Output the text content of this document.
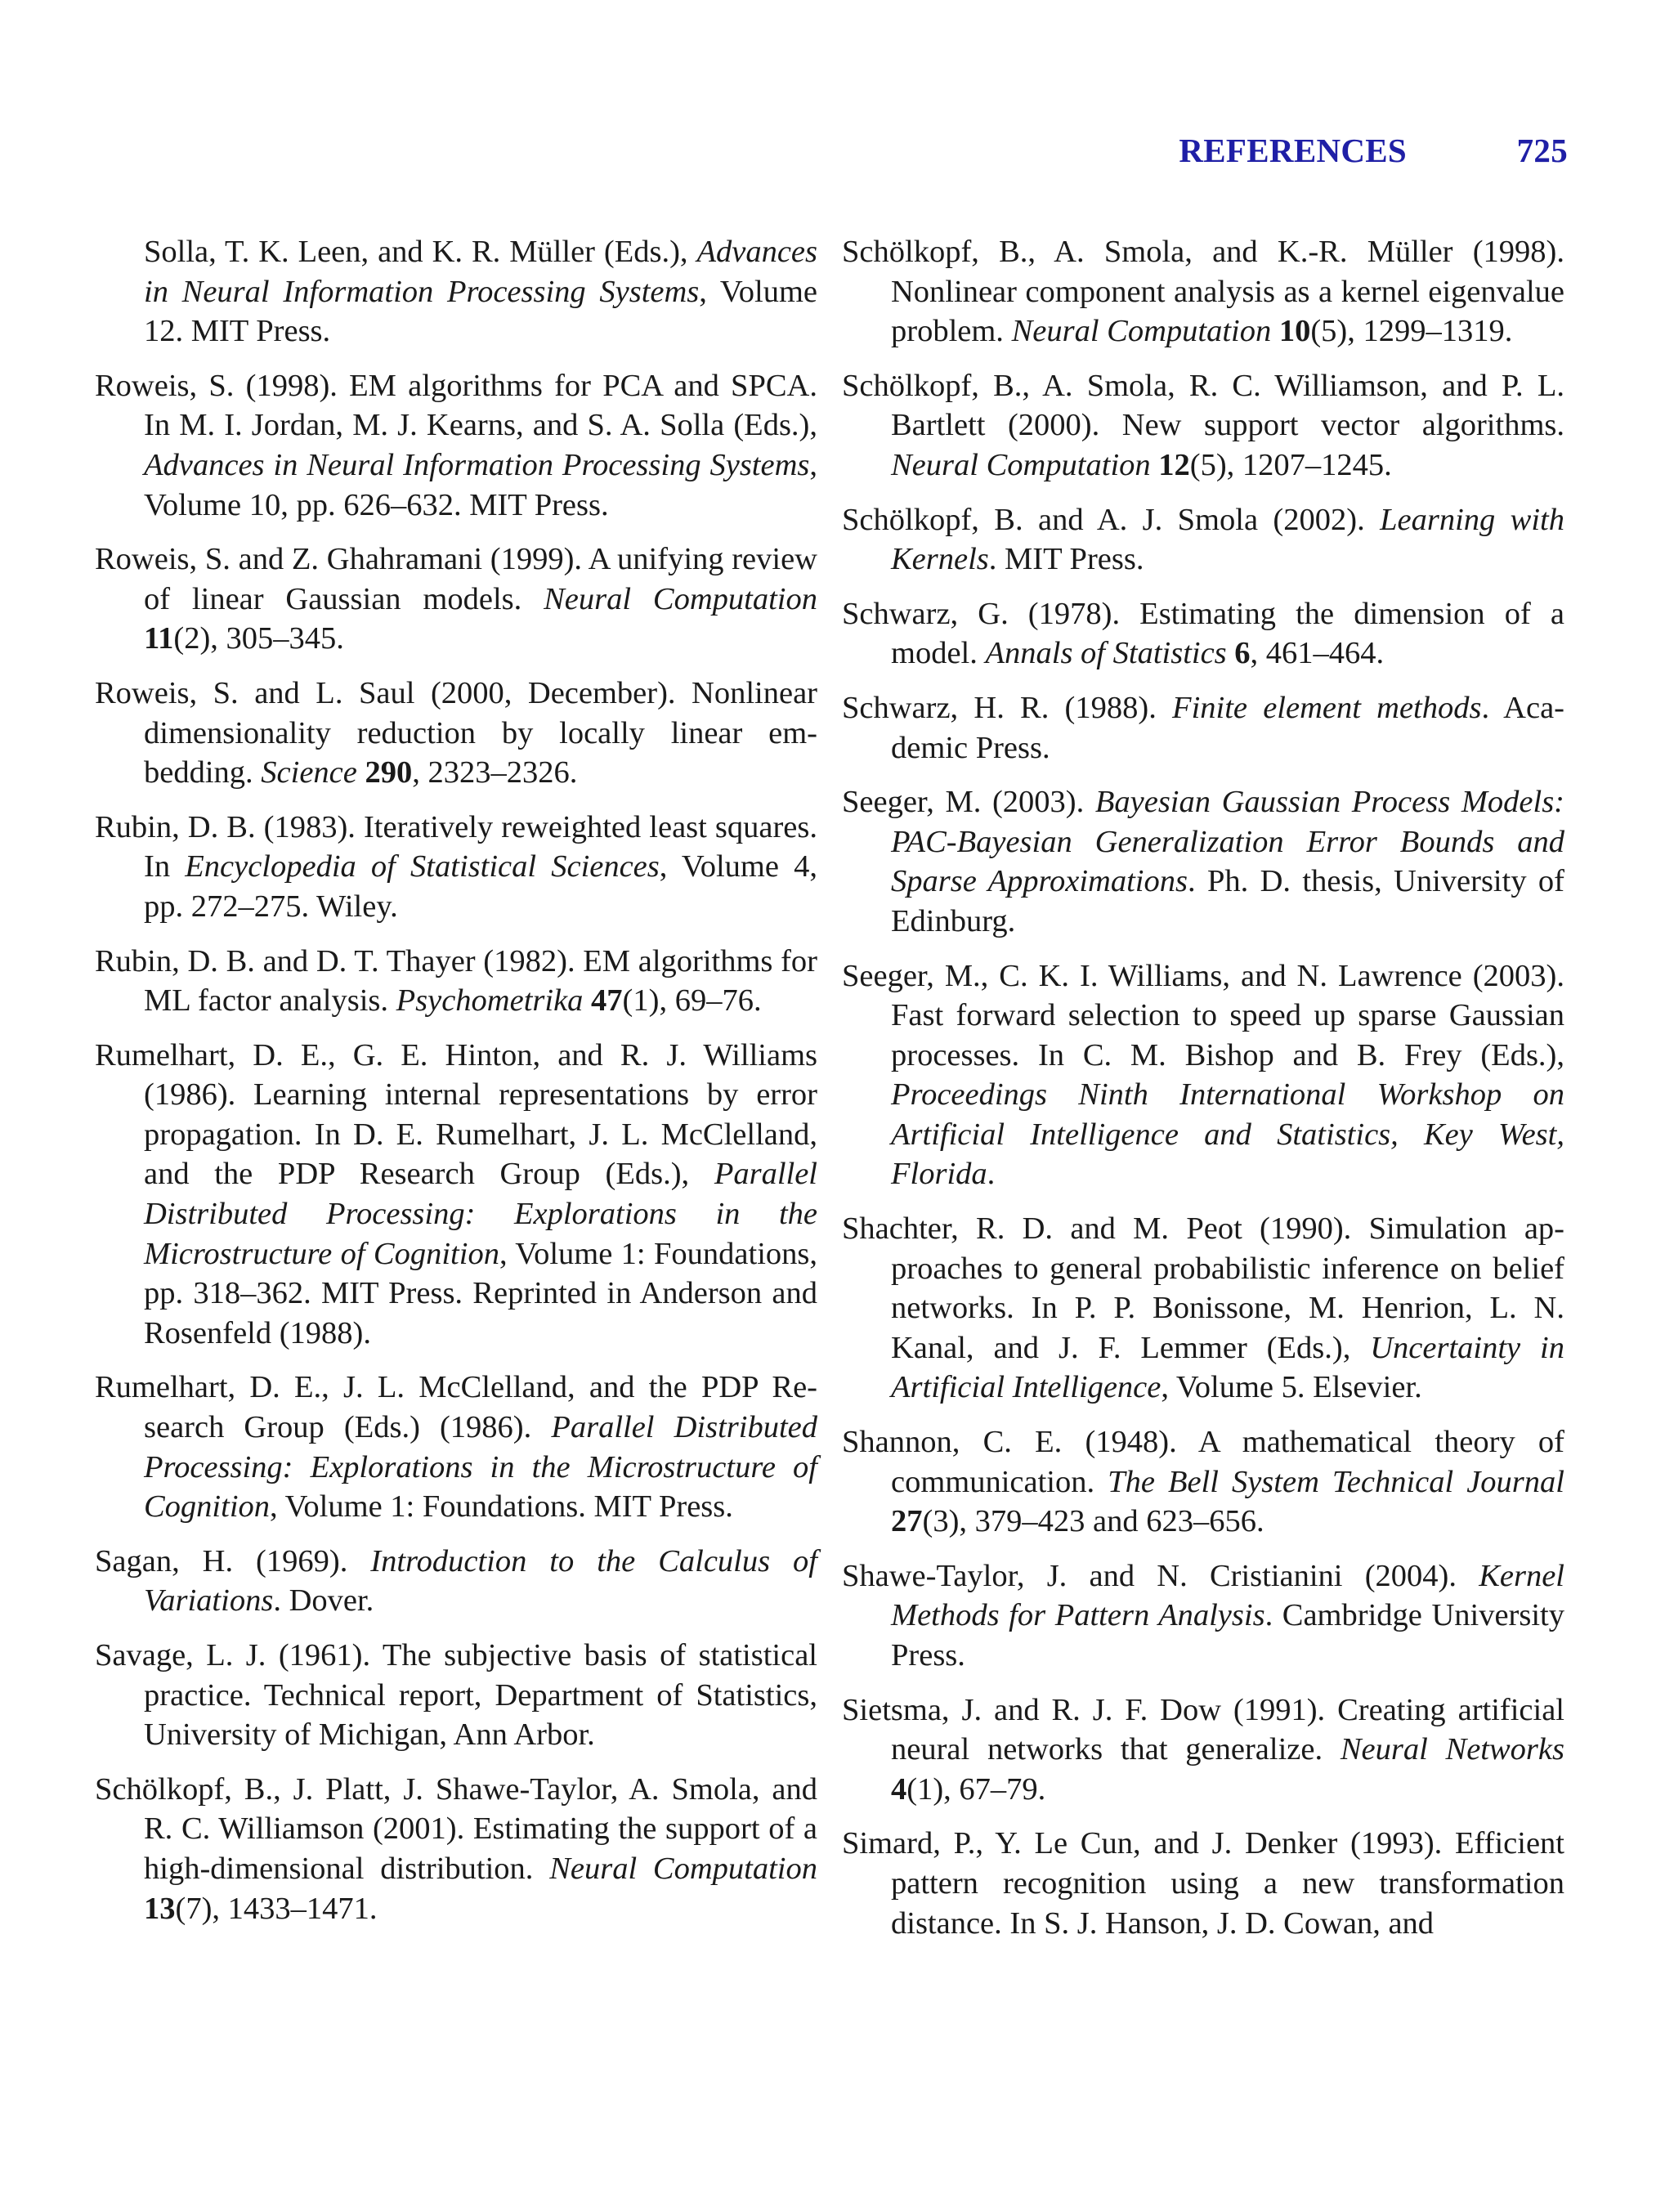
REFERENCES	725

Solla, T. K. Leen, and K. R. Müller (Eds.), Advances in Neural Information Processing Systems, Volume 12. MIT Press.

Roweis, S. (1998). EM algorithms for PCA and SPCA. In M. I. Jordan, M. J. Kearns, and S. A. Solla (Eds.), Advances in Neural Information Processing Systems, Volume 10, pp. 626–632. MIT Press.

Roweis, S. and Z. Ghahramani (1999). A unifying review of linear Gaussian models. Neural Computation 11(2), 305–345.

Roweis, S. and L. Saul (2000, December). Nonlinear dimensionality reduction by locally linear embedding. Science 290, 2323–2326.

Rubin, D. B. (1983). Iteratively reweighted least squares. In Encyclopedia of Statistical Sciences, Volume 4, pp. 272–275. Wiley.

Rubin, D. B. and D. T. Thayer (1982). EM algorithms for ML factor analysis. Psychometrika 47(1), 69–76.

Rumelhart, D. E., G. E. Hinton, and R. J. Williams (1986). Learning internal representations by error propagation. In D. E. Rumelhart, J. L. McClelland, and the PDP Research Group (Eds.), Parallel Distributed Processing: Explorations in the Microstructure of Cognition, Volume 1: Foundations, pp. 318–362. MIT Press. Reprinted in Anderson and Rosenfeld (1988).

Rumelhart, D. E., J. L. McClelland, and the PDP Research Group (Eds.) (1986). Parallel Distributed Processing: Explorations in the Microstructure of Cognition, Volume 1: Foundations. MIT Press.

Sagan, H. (1969). Introduction to the Calculus of Variations. Dover.

Savage, L. J. (1961). The subjective basis of statistical practice. Technical report, Department of Statistics, University of Michigan, Ann Arbor.

Schölkopf, B., J. Platt, J. Shawe-Taylor, A. Smola, and R. C. Williamson (2001). Estimating the support of a high-dimensional distribution. Neural Computation 13(7), 1433–1471.

Schölkopf, B., A. Smola, and K.-R. Müller (1998). Nonlinear component analysis as a kernel eigenvalue problem. Neural Computation 10(5), 1299–1319.

Schölkopf, B., A. Smola, R. C. Williamson, and P. L. Bartlett (2000). New support vector algorithms. Neural Computation 12(5), 1207–1245.

Schölkopf, B. and A. J. Smola (2002). Learning with Kernels. MIT Press.

Schwarz, G. (1978). Estimating the dimension of a model. Annals of Statistics 6, 461–464.

Schwarz, H. R. (1988). Finite element methods. Academic Press.

Seeger, M. (2003). Bayesian Gaussian Process Models: PAC-Bayesian Generalization Error Bounds and Sparse Approximations. Ph. D. thesis, University of Edinburg.

Seeger, M., C. K. I. Williams, and N. Lawrence (2003). Fast forward selection to speed up sparse Gaussian processes. In C. M. Bishop and B. Frey (Eds.), Proceedings Ninth International Workshop on Artificial Intelligence and Statistics, Key West, Florida.

Shachter, R. D. and M. Peot (1990). Simulation approaches to general probabilistic inference on belief networks. In P. P. Bonissone, M. Henrion, L. N. Kanal, and J. F. Lemmer (Eds.), Uncertainty in Artificial Intelligence, Volume 5. Elsevier.

Shannon, C. E. (1948). A mathematical theory of communication. The Bell System Technical Journal 27(3), 379–423 and 623–656.

Shawe-Taylor, J. and N. Cristianini (2004). Kernel Methods for Pattern Analysis. Cambridge University Press.

Sietsma, J. and R. J. F. Dow (1991). Creating artificial neural networks that generalize. Neural Networks 4(1), 67–79.

Simard, P., Y. Le Cun, and J. Denker (1993). Efficient pattern recognition using a new transformation distance. In S. J. Hanson, J. D. Cowan, and
